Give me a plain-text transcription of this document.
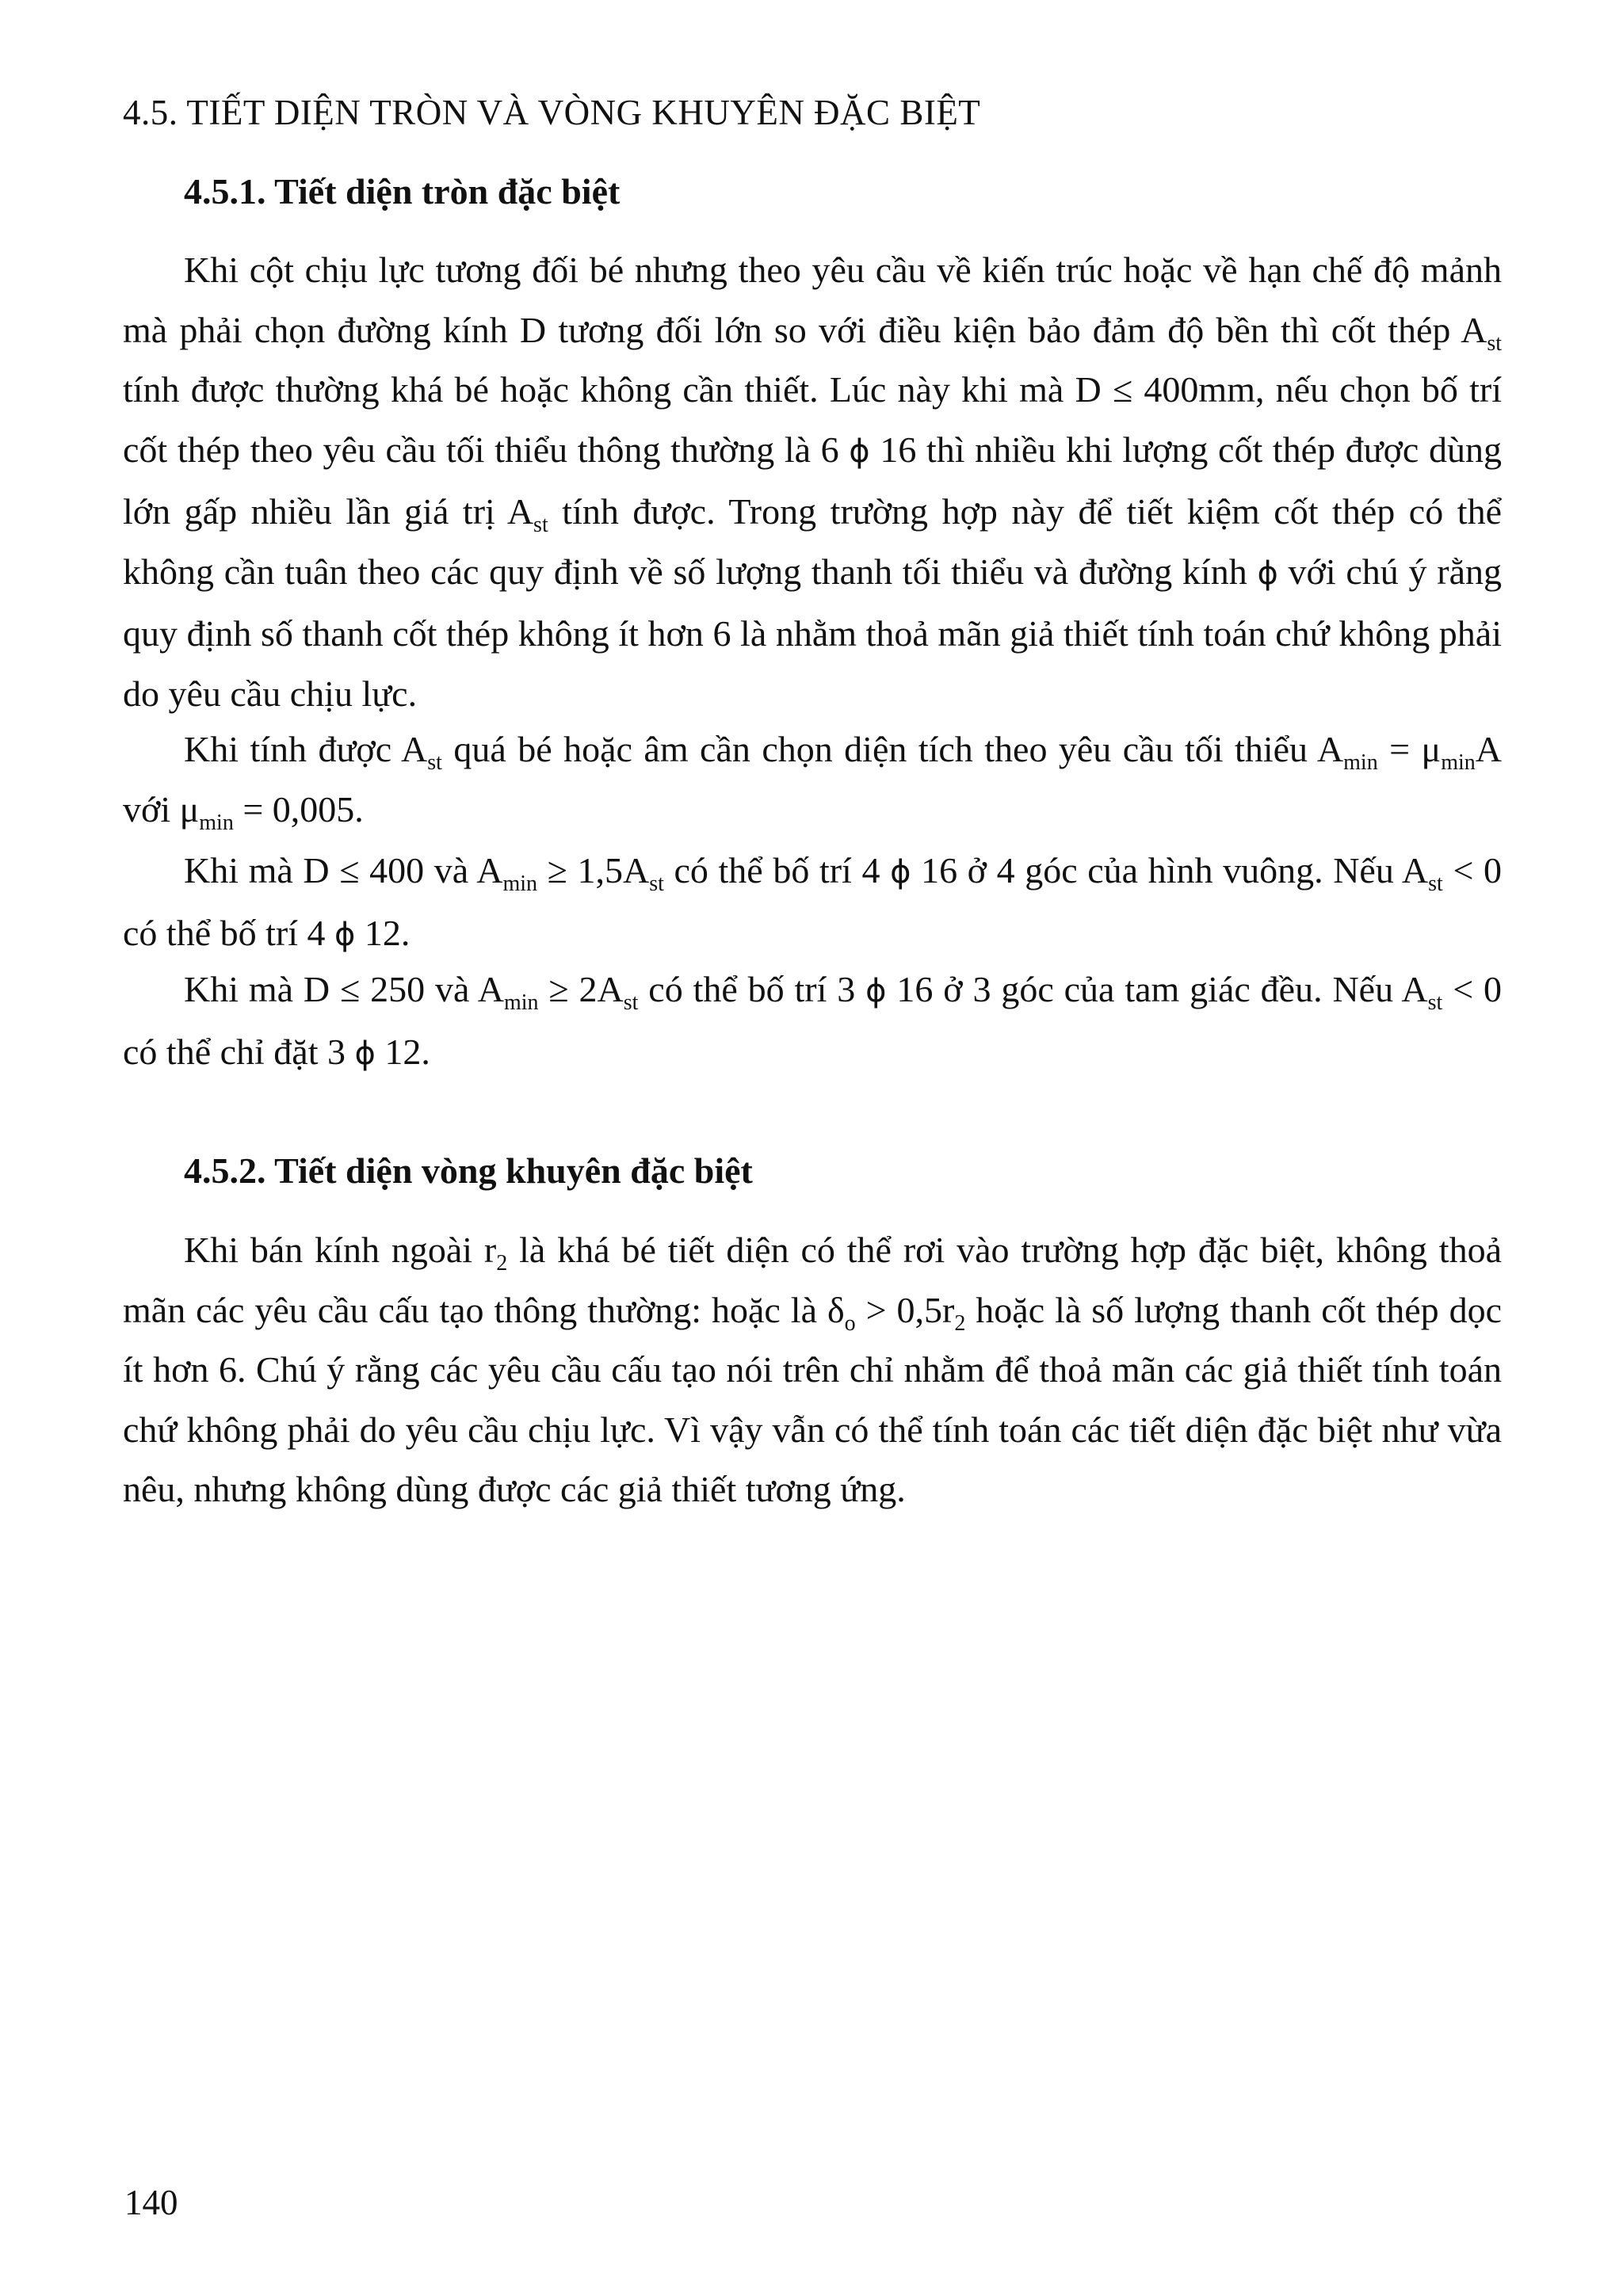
4.5. TIẾT DIỆN TRÒN VÀ VÒNG KHUYÊN ĐẶC BIỆT
4.5.1. Tiết diện tròn đặc biệt

Khi cột chịu lực tương đối bé nhưng theo yêu cầu về kiến trúc hoặc về hạn chế độ mảnh mà phải chọn đường kính D tương đối lớn so với điều kiện bảo đảm độ bền thì cốt thép $A_{st}$ tính được thường khá bé hoặc không cần thiết. Lúc này khi mà D ≤ 400mm, nếu chọn bố trí cốt thép theo yêu cầu tối thiểu thông thường là 6 ϕ 16 thì nhiều khi lượng cốt thép được dùng lớn gấp nhiều lần giá trị $A_{st}$ tính được. Trong trường hợp này để tiết kiệm cốt thép có thể không cần tuân theo các quy định về số lượng thanh tối thiểu và đường kính ϕ với chú ý rằng quy định số thanh cốt thép không ít hơn 6 là nhằm thoả mãn giả thiết tính toán chứ không phải do yêu cầu chịu lực.

Khi tính được $A_{st}$ quá bé hoặc âm cần chọn diện tích theo yêu cầu tối thiểu $A_{min} = \mu_{min}A$ với $\mu_{min} = 0,005$.

Khi mà D ≤ 400 và $A_{min} \ge 1,5A_{st}$ có thể bố trí 4 ϕ 16 ở 4 góc của hình vuông. Nếu $A_{st} < 0$ có thể bố trí 4 ϕ 12.

Khi mà D ≤ 250 và $A_{min} \ge 2A_{st}$ có thể bố trí 3 ϕ 16 ở 3 góc của tam giác đều. Nếu $A_{st} < 0$ có thể chỉ đặt 3 ϕ 12.

4.5.2. Tiết diện vòng khuyên đặc biệt

Khi bán kính ngoài $r_2$ là khá bé tiết diện có thể rơi vào trường hợp đặc biệt, không thoả mãn các yêu cầu cấu tạo thông thường: hoặc là $\delta_o > 0,5r_2$ hoặc là số lượng thanh cốt thép dọc ít hơn 6. Chú ý rằng các yêu cầu cấu tạo nói trên chỉ nhằm để thoả mãn các giả thiết tính toán chứ không phải do yêu cầu chịu lực. Vì vậy vẫn có thể tính toán các tiết diện đặc biệt như vừa nêu, nhưng không dùng được các giả thiết tương ứng.

140
